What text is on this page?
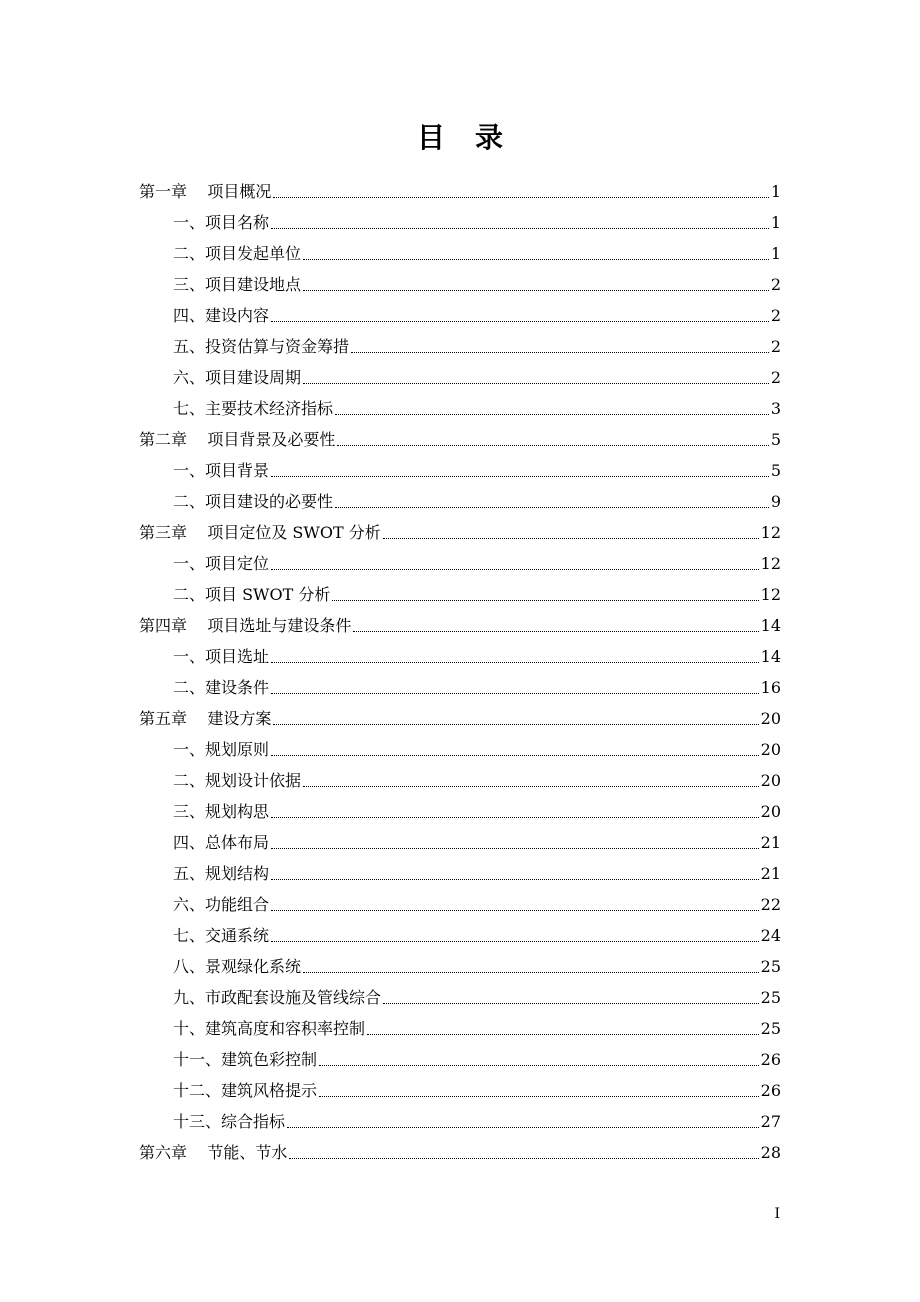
目录
第一章    项目概况	1
一、项目名称	1
二、项目发起单位	1
三、项目建设地点	2
四、建设内容	2
五、投资估算与资金筹措	2
六、项目建设周期	2
七、主要技术经济指标	3
第二章    项目背景及必要性	5
一、项目背景	5
二、项目建设的必要性	9
第三章    项目定位及 SWOT 分析	12
一、项目定位	12
二、项目 SWOT 分析	12
第四章    项目选址与建设条件	14
一、项目选址	14
二、建设条件	16
第五章    建设方案	20
一、规划原则	20
二、规划设计依据	20
三、规划构思	20
四、总体布局	21
五、规划结构	21
六、功能组合	22
七、交通系统	24
八、景观绿化系统	25
九、市政配套设施及管线综合	25
十、建筑高度和容积率控制	25
十一、建筑色彩控制	26
十二、建筑风格提示	26
十三、综合指标	27
第六章    节能、节水	28
I
